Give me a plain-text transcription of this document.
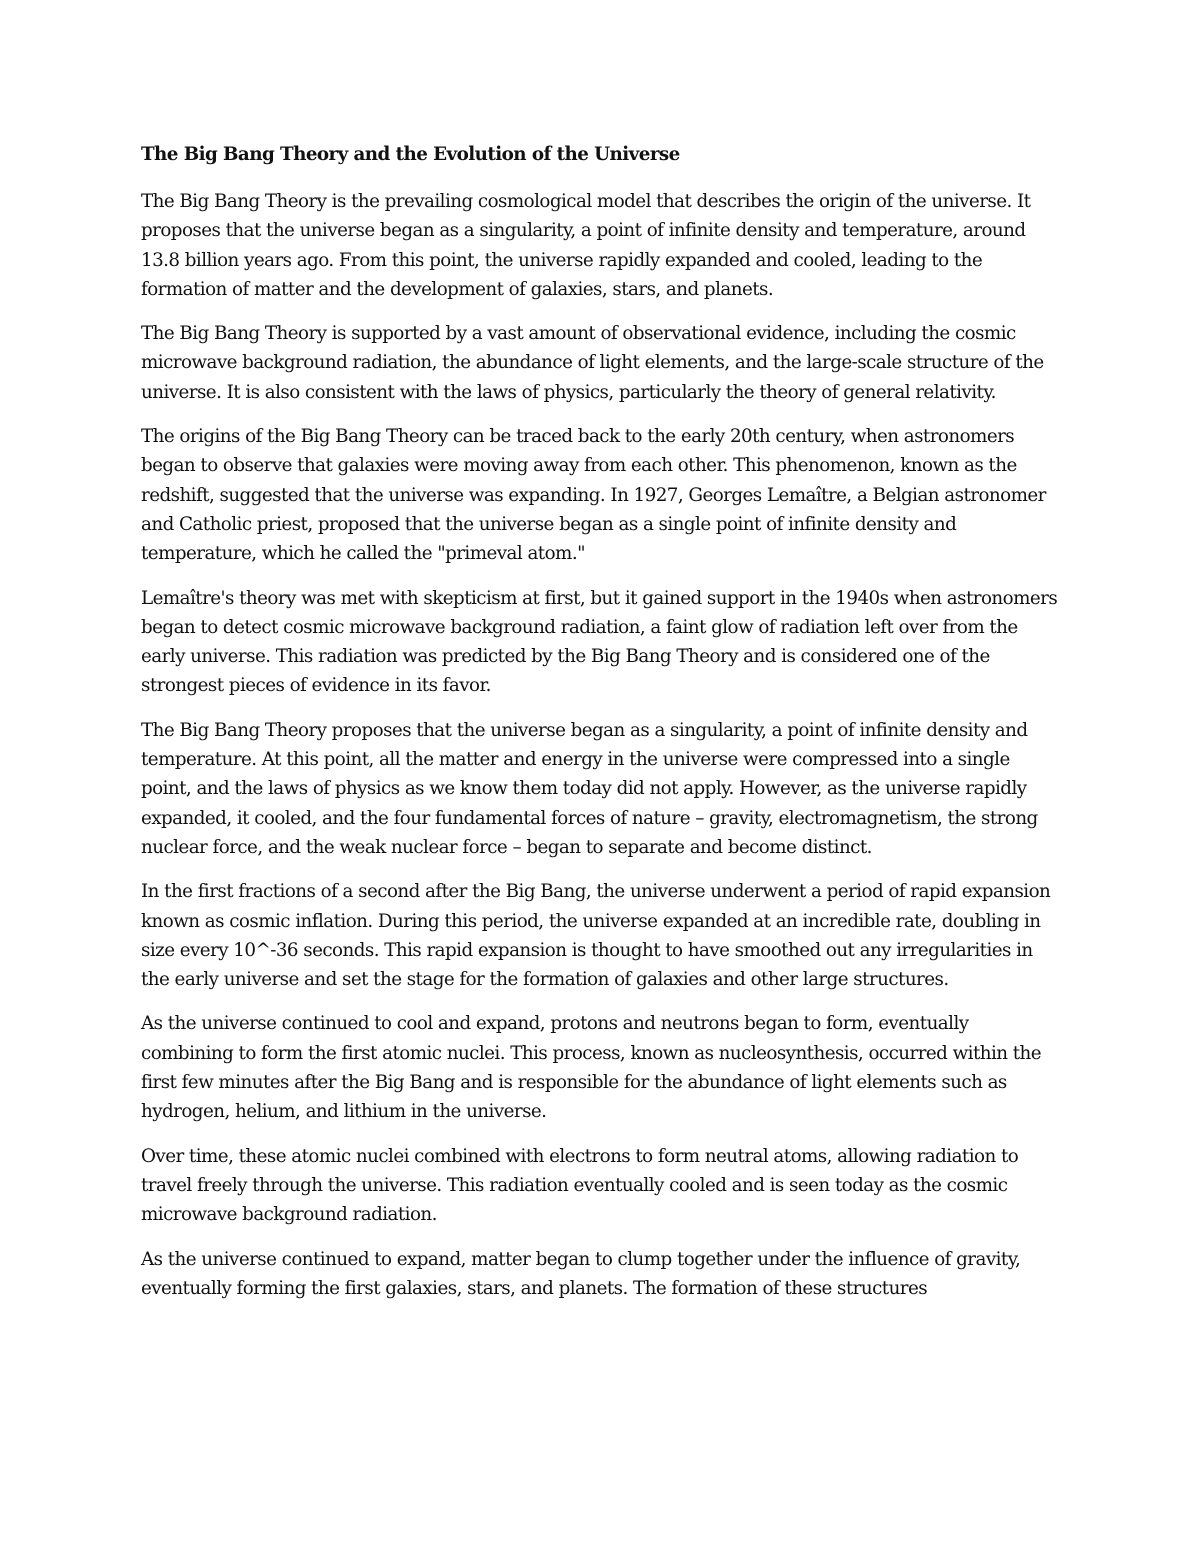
The Big Bang Theory and the Evolution of the Universe

The Big Bang Theory is the prevailing cosmological model that describes the origin of the universe. It proposes that the universe began as a singularity, a point of infinite density and temperature, around 13.8 billion years ago. From this point, the universe rapidly expanded and cooled, leading to the formation of matter and the development of galaxies, stars, and planets.

The Big Bang Theory is supported by a vast amount of observational evidence, including the cosmic microwave background radiation, the abundance of light elements, and the large-scale structure of the universe. It is also consistent with the laws of physics, particularly the theory of general relativity.

The origins of the Big Bang Theory can be traced back to the early 20th century, when astronomers began to observe that galaxies were moving away from each other. This phenomenon, known as the redshift, suggested that the universe was expanding. In 1927, Georges Lemaître, a Belgian astronomer and Catholic priest, proposed that the universe began as a single point of infinite density and temperature, which he called the "primeval atom."

Lemaître's theory was met with skepticism at first, but it gained support in the 1940s when astronomers began to detect cosmic microwave background radiation, a faint glow of radiation left over from the early universe. This radiation was predicted by the Big Bang Theory and is considered one of the strongest pieces of evidence in its favor.

The Big Bang Theory proposes that the universe began as a singularity, a point of infinite density and temperature. At this point, all the matter and energy in the universe were compressed into a single point, and the laws of physics as we know them today did not apply. However, as the universe rapidly expanded, it cooled, and the four fundamental forces of nature – gravity, electromagnetism, the strong nuclear force, and the weak nuclear force – began to separate and become distinct.

In the first fractions of a second after the Big Bang, the universe underwent a period of rapid expansion known as cosmic inflation. During this period, the universe expanded at an incredible rate, doubling in size every 10^-36 seconds. This rapid expansion is thought to have smoothed out any irregularities in the early universe and set the stage for the formation of galaxies and other large structures.

As the universe continued to cool and expand, protons and neutrons began to form, eventually combining to form the first atomic nuclei. This process, known as nucleosynthesis, occurred within the first few minutes after the Big Bang and is responsible for the abundance of light elements such as hydrogen, helium, and lithium in the universe.

Over time, these atomic nuclei combined with electrons to form neutral atoms, allowing radiation to travel freely through the universe. This radiation eventually cooled and is seen today as the cosmic microwave background radiation.

As the universe continued to expand, matter began to clump together under the influence of gravity, eventually forming the first galaxies, stars, and planets. The formation of these structures
